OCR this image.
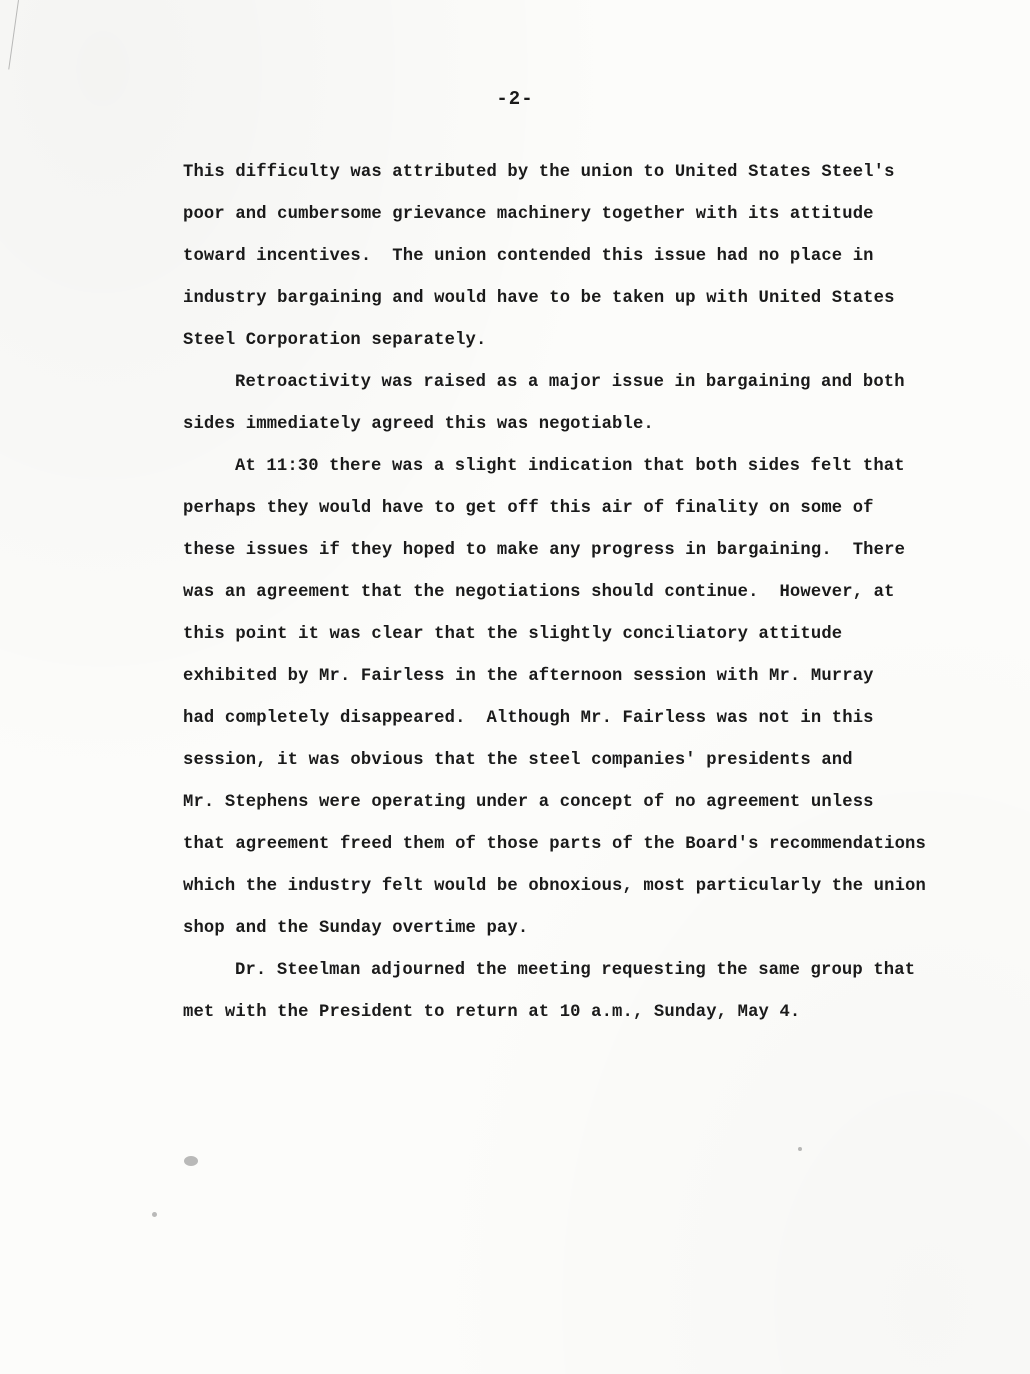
-2-
This difficulty was attributed by the union to United States Steel's
poor and cumbersome grievance machinery together with its attitude
toward incentives.  The union contended this issue had no place in
industry bargaining and would have to be taken up with United States
Steel Corporation separately.
Retroactivity was raised as a major issue in bargaining and both
sides immediately agreed this was negotiable.
At 11:30 there was a slight indication that both sides felt that
perhaps they would have to get off this air of finality on some of
these issues if they hoped to make any progress in bargaining.  There
was an agreement that the negotiations should continue.  However, at
this point it was clear that the slightly conciliatory attitude
exhibited by Mr. Fairless in the afternoon session with Mr. Murray
had completely disappeared.  Although Mr. Fairless was not in this
session, it was obvious that the steel companies' presidents and
Mr. Stephens were operating under a concept of no agreement unless
that agreement freed them of those parts of the Board's recommendations
which the industry felt would be obnoxious, most particularly the union
shop and the Sunday overtime pay.
Dr. Steelman adjourned the meeting requesting the same group that
met with the President to return at 10 a.m., Sunday, May 4.
